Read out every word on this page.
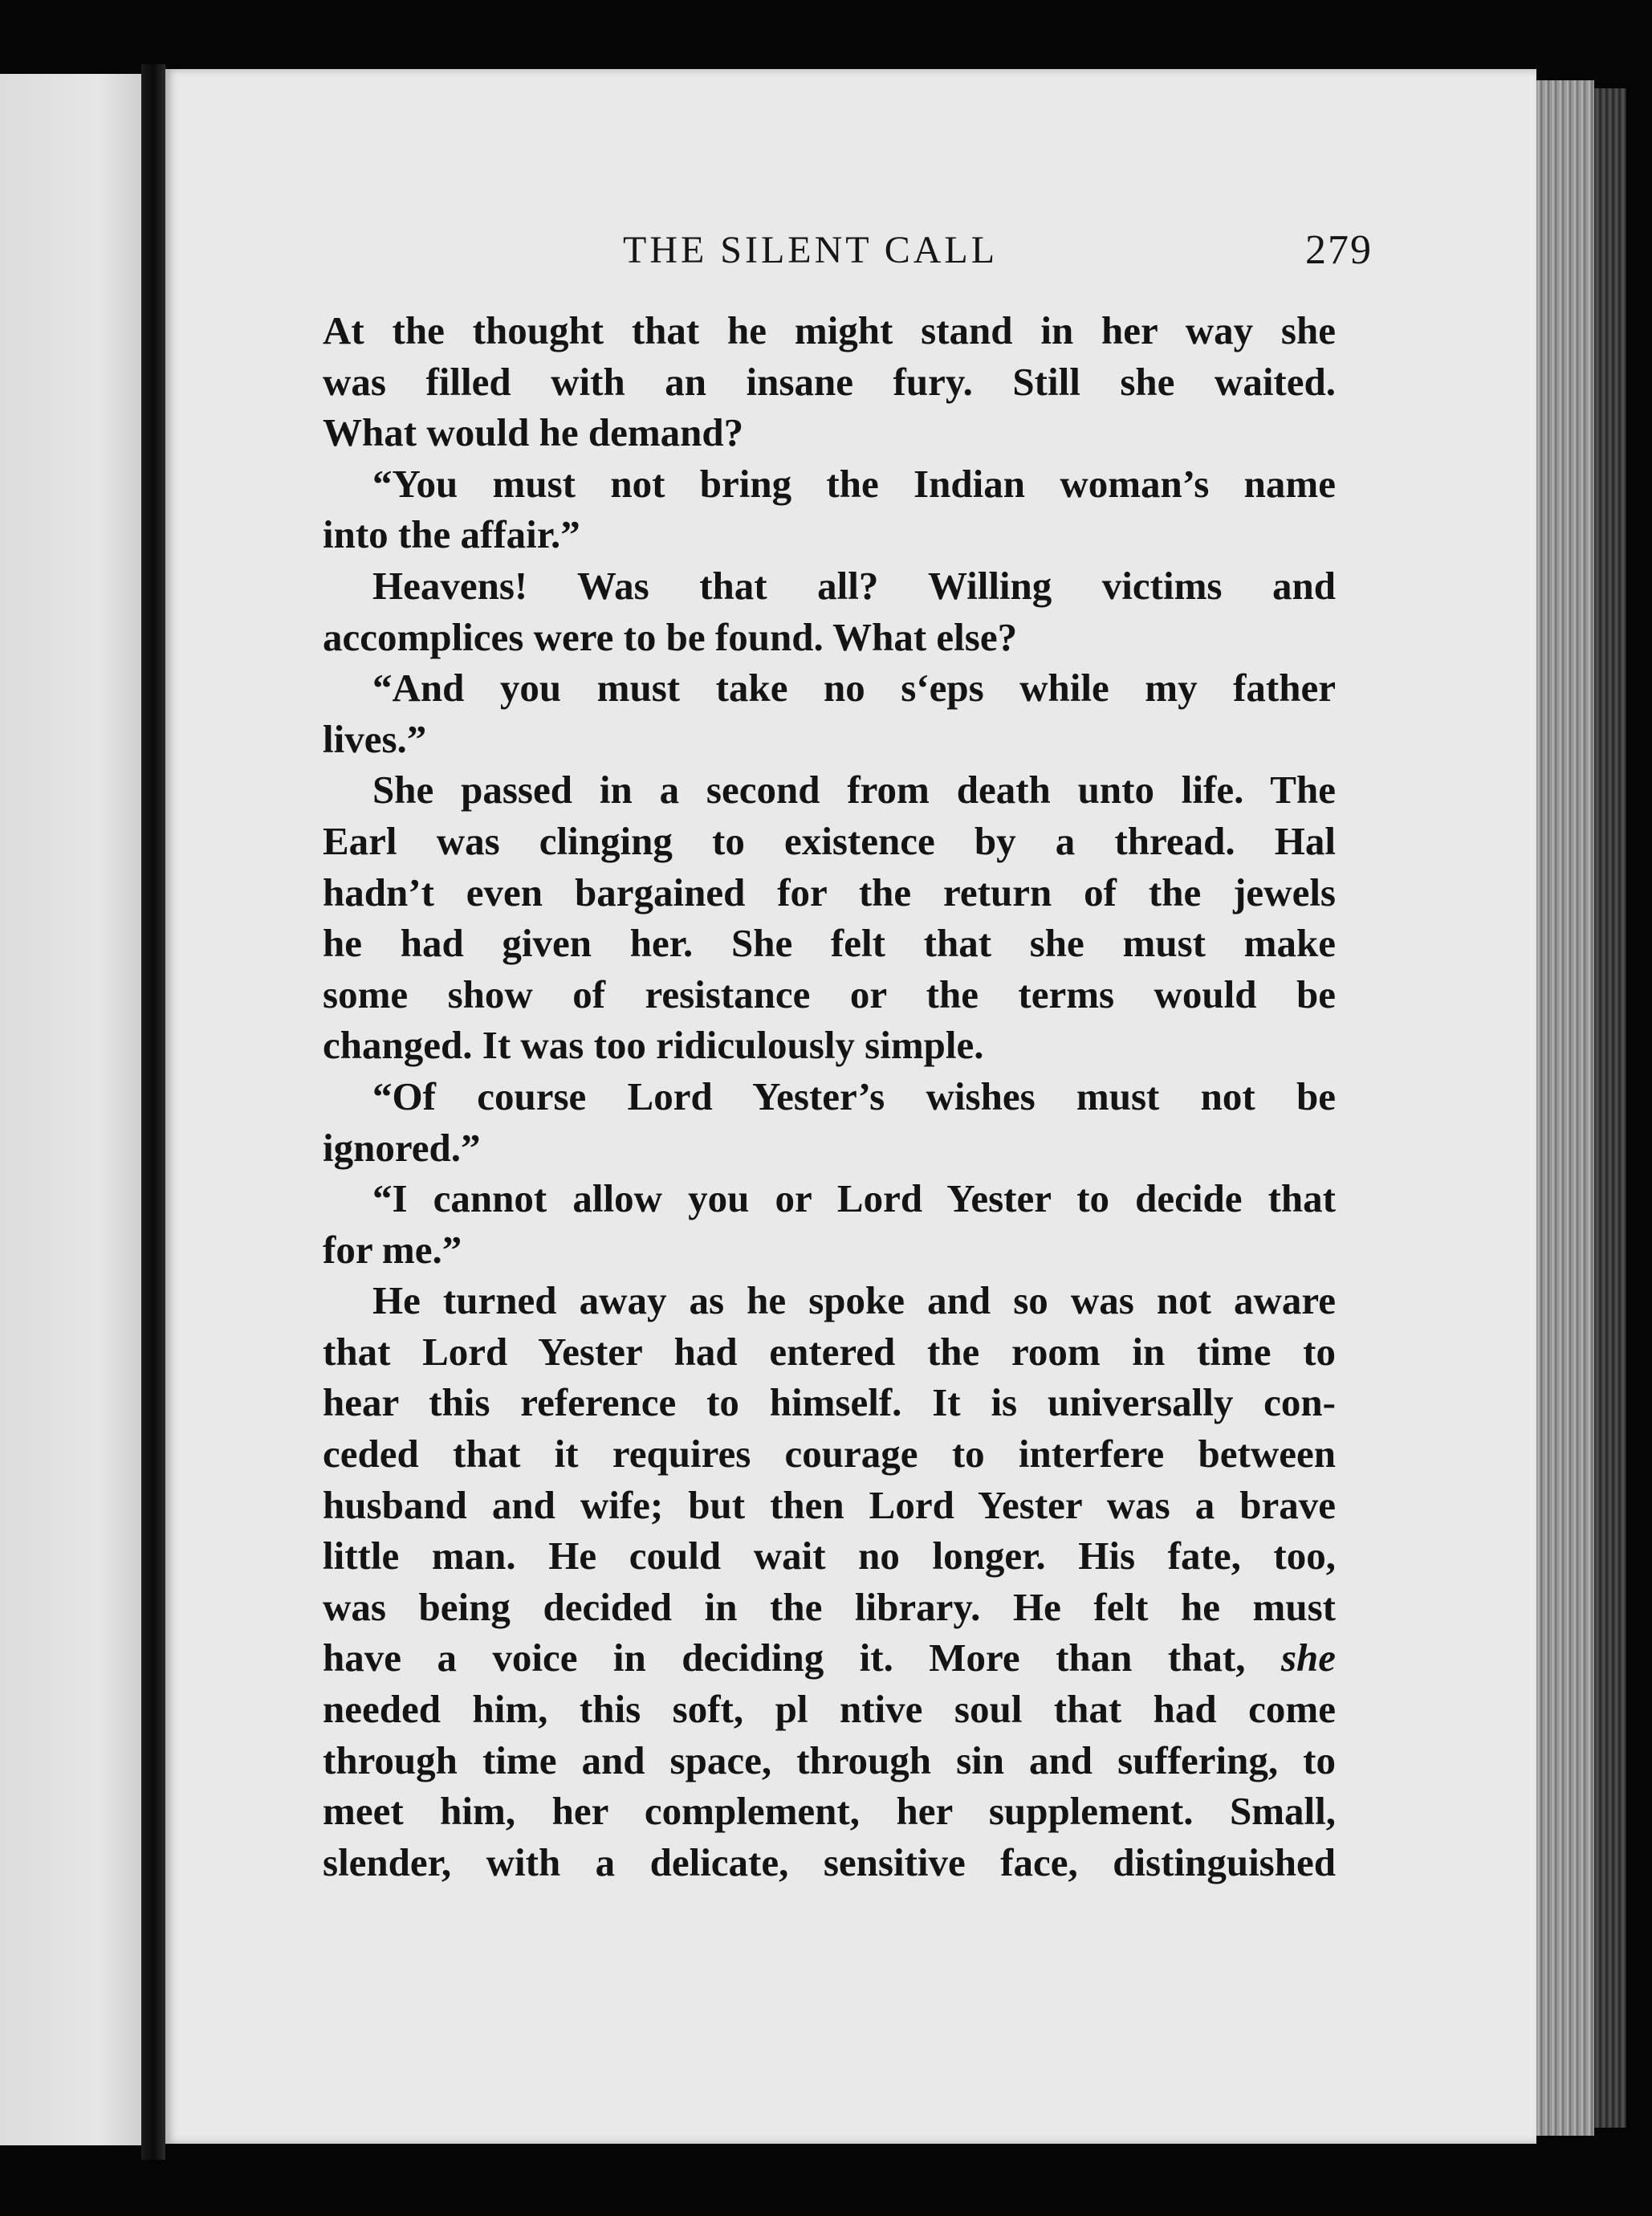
THE SILENT CALL	279
At the thought that he might stand in her way she
was filled with an insane fury. Still she waited.
What would he demand?
“You must not bring the Indian woman’s name
into the affair.”
Heavens! Was that all? Willing victims and
accomplices were to be found. What else?
“And you must take no s‘eps while my father
lives.”
She passed in a second from death unto life. The
Earl was clinging to existence by a thread. Hal
hadn’t even bargained for the return of the jewels
he had given her. She felt that she must make
some show of resistance or the terms would be
changed. It was too ridiculously simple.
“Of course Lord Yester’s wishes must not be
ignored.”
“I cannot allow you or Lord Yester to decide that
for me.”
He turned away as he spoke and so was not aware
that Lord Yester had entered the room in time to
hear this reference to himself. It is universally con-
ceded that it requires courage to interfere between
husband and wife; but then Lord Yester was a brave
little man. He could wait no longer. His fate, too,
was being decided in the library. He felt he must
have a voice in deciding it. More than that, she
needed him, this soft, pl ntive soul that had come
through time and space, through sin and suffering, to
meet him, her complement, her supplement. Small,
slender, with a delicate, sensitive face, distinguished
